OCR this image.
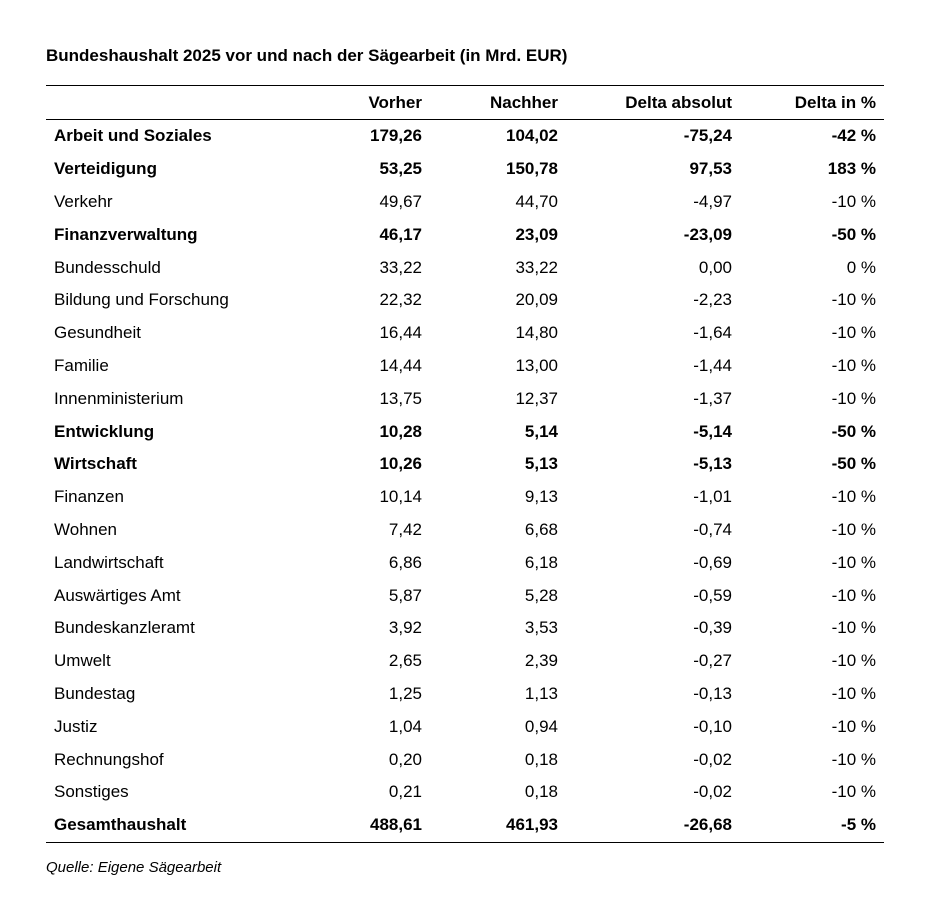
Bundeshaushalt 2025 vor und nach der Sägearbeit (in Mrd. EUR)
	Vorher	Nachher	Delta absolut	Delta in %
Arbeit und Soziales	179,26	104,02	-75,24	-42 %
Verteidigung	53,25	150,78	97,53	183 %
Verkehr	49,67	44,70	-4,97	-10 %
Finanzverwaltung	46,17	23,09	-23,09	-50 %
Bundesschuld	33,22	33,22	0,00	0 %
Bildung und Forschung	22,32	20,09	-2,23	-10 %
Gesundheit	16,44	14,80	-1,64	-10 %
Familie	14,44	13,00	-1,44	-10 %
Innenministerium	13,75	12,37	-1,37	-10 %
Entwicklung	10,28	5,14	-5,14	-50 %
Wirtschaft	10,26	5,13	-5,13	-50 %
Finanzen	10,14	9,13	-1,01	-10 %
Wohnen	7,42	6,68	-0,74	-10 %
Landwirtschaft	6,86	6,18	-0,69	-10 %
Auswärtiges Amt	5,87	5,28	-0,59	-10 %
Bundeskanzleramt	3,92	3,53	-0,39	-10 %
Umwelt	2,65	2,39	-0,27	-10 %
Bundestag	1,25	1,13	-0,13	-10 %
Justiz	1,04	0,94	-0,10	-10 %
Rechnungshof	0,20	0,18	-0,02	-10 %
Sonstiges	0,21	0,18	-0,02	-10 %
Gesamthaushalt	488,61	461,93	-26,68	-5 %
Quelle: Eigene Sägearbeit
